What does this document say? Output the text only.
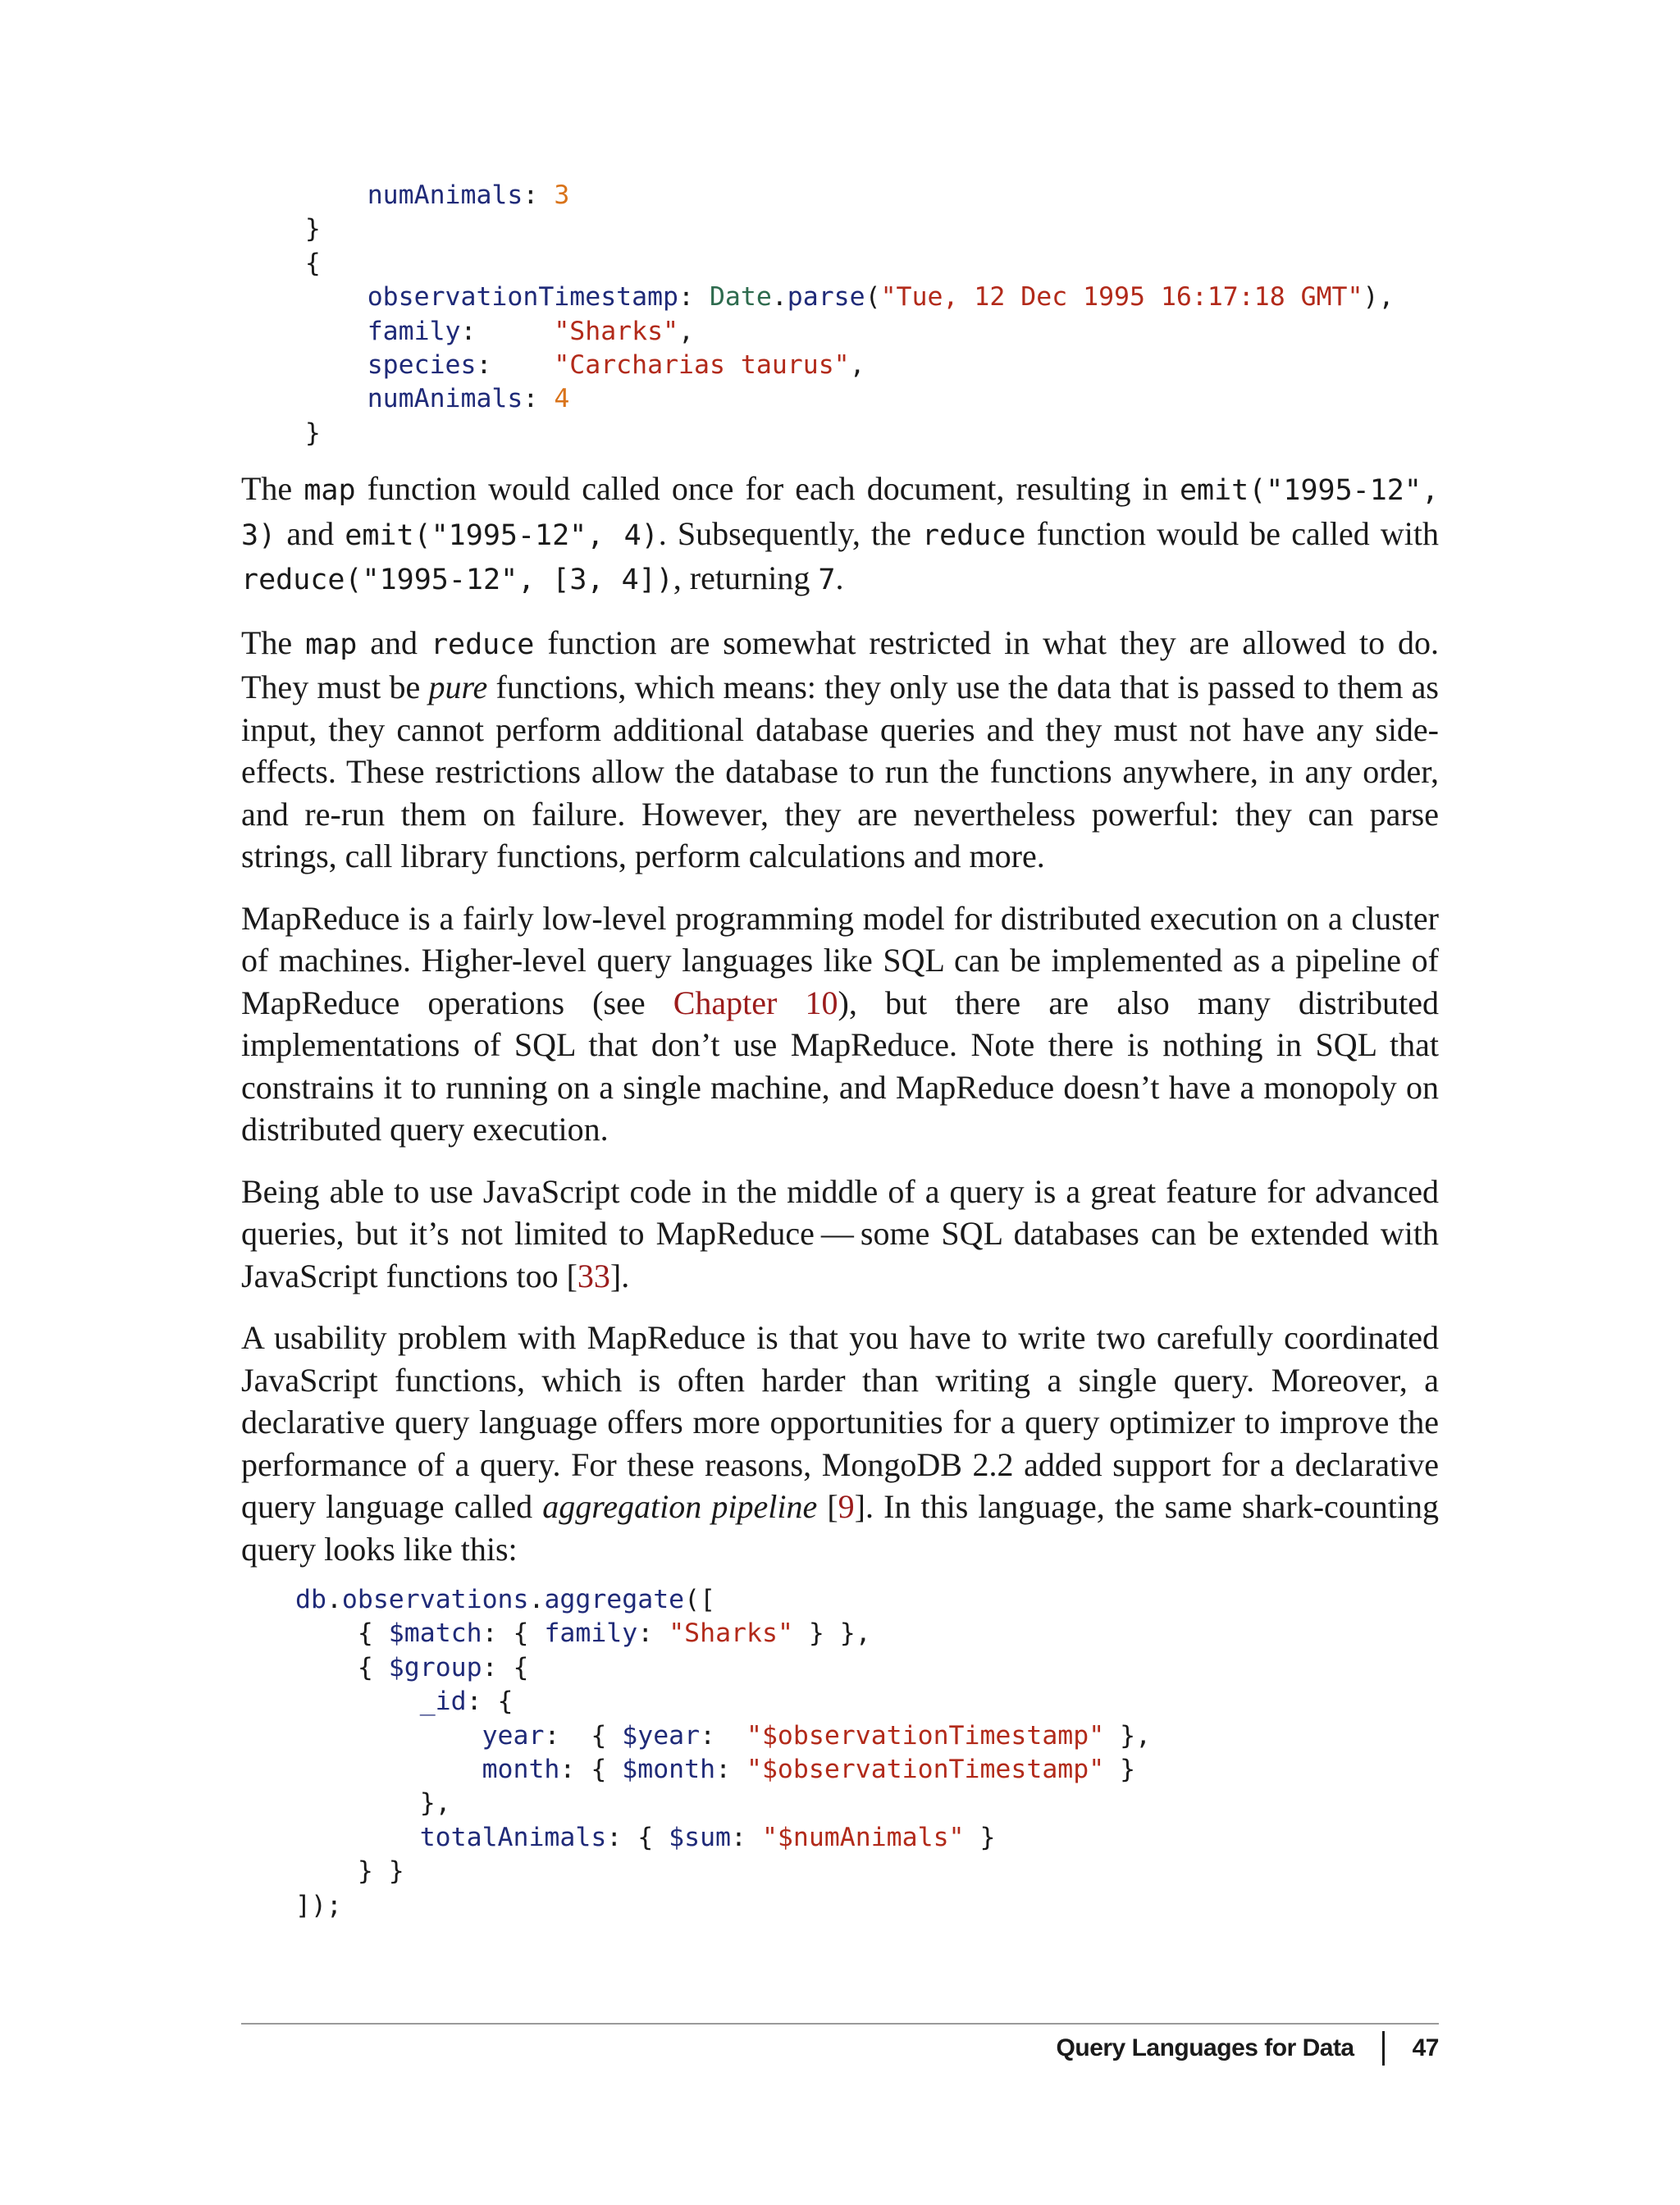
numAnimals: 3
}
{
observationTimestamp: Date.parse("Tue, 12 Dec 1995 16:17:18 GMT"),
family:     "Sharks",
species:    "Carcharias taurus",
numAnimals: 4
}

The map function would called once for each document, resulting in emit("1995-12", 3) and emit("1995-12", 4). Subsequently, the reduce function would be called with reduce("1995-12", [3, 4]), returning 7.

The map and reduce function are somewhat restricted in what they are allowed to do. They must be pure functions, which means: they only use the data that is passed to them as input, they cannot perform additional database queries and they must not have any side-effects. These restrictions allow the database to run the functions anywhere, in any order, and re-run them on failure. However, they are nevertheless powerful: they can parse strings, call library functions, perform calculations and more.

MapReduce is a fairly low-level programming model for distributed execution on a cluster of machines. Higher-level query languages like SQL can be implemented as a pipeline of MapReduce operations (see Chapter 10), but there are also many distributed implementations of SQL that don’t use MapReduce. Note there is nothing in SQL that constrains it to running on a single machine, and MapReduce doesn’t have a monopoly on distributed query execution.

Being able to use JavaScript code in the middle of a query is a great feature for advanced queries, but it’s not limited to MapReduce — some SQL databases can be extended with JavaScript functions too [33].

A usability problem with MapReduce is that you have to write two carefully coordinated JavaScript functions, which is often harder than writing a single query. Moreover, a declarative query language offers more opportunities for a query optimizer to improve the performance of a query. For these reasons, MongoDB 2.2 added support for a declarative query language called aggregation pipeline [9]. In this language, the same shark-counting query looks like this:

db.observations.aggregate([
{ $match: { family: "Sharks" } },
{ $group: {
_id: {
year:  { $year:  "$observationTimestamp" },
month: { $month: "$observationTimestamp" }
},
totalAnimals: { $sum: "$numAnimals" }
} }
]);
Query Languages for Data 47
